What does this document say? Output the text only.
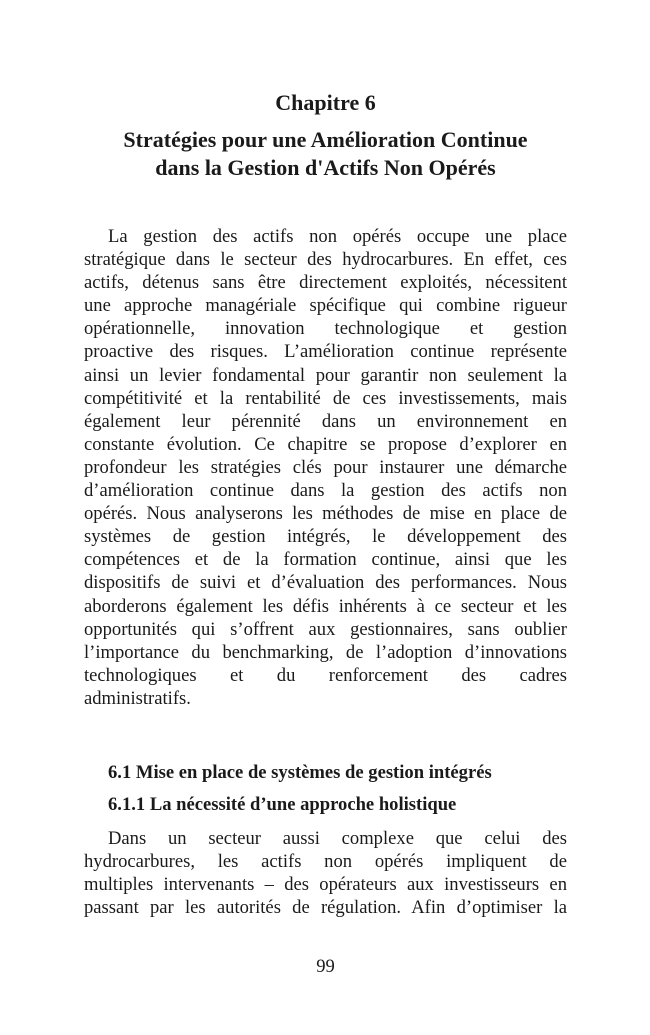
Chapitre 6
Stratégies pour une Amélioration Continue
dans la Gestion d'Actifs Non Opérés
La gestion des actifs non opérés occupe une place
stratégique dans le secteur des hydrocarbures. En effet, ces
actifs, détenus sans être directement exploités, nécessitent
une approche managériale spécifique qui combine rigueur
opérationnelle, innovation technologique et gestion
proactive des risques. L’amélioration continue représente
ainsi un levier fondamental pour garantir non seulement la
compétitivité et la rentabilité de ces investissements, mais
également leur pérennité dans un environnement en
constante évolution. Ce chapitre se propose d’explorer en
profondeur les stratégies clés pour instaurer une démarche
d’amélioration continue dans la gestion des actifs non
opérés. Nous analyserons les méthodes de mise en place de
systèmes de gestion intégrés, le développement des
compétences et de la formation continue, ainsi que les
dispositifs de suivi et d’évaluation des performances. Nous
aborderons également les défis inhérents à ce secteur et les
opportunités qui s’offrent aux gestionnaires, sans oublier
l’importance du benchmarking, de l’adoption d’innovations
technologiques et du renforcement des cadres
administratifs.
6.1 Mise en place de systèmes de gestion intégrés
6.1.1 La nécessité d’une approche holistique
Dans un secteur aussi complexe que celui des
hydrocarbures, les actifs non opérés impliquent de
multiples intervenants – des opérateurs aux investisseurs en
passant par les autorités de régulation. Afin d’optimiser la
99
